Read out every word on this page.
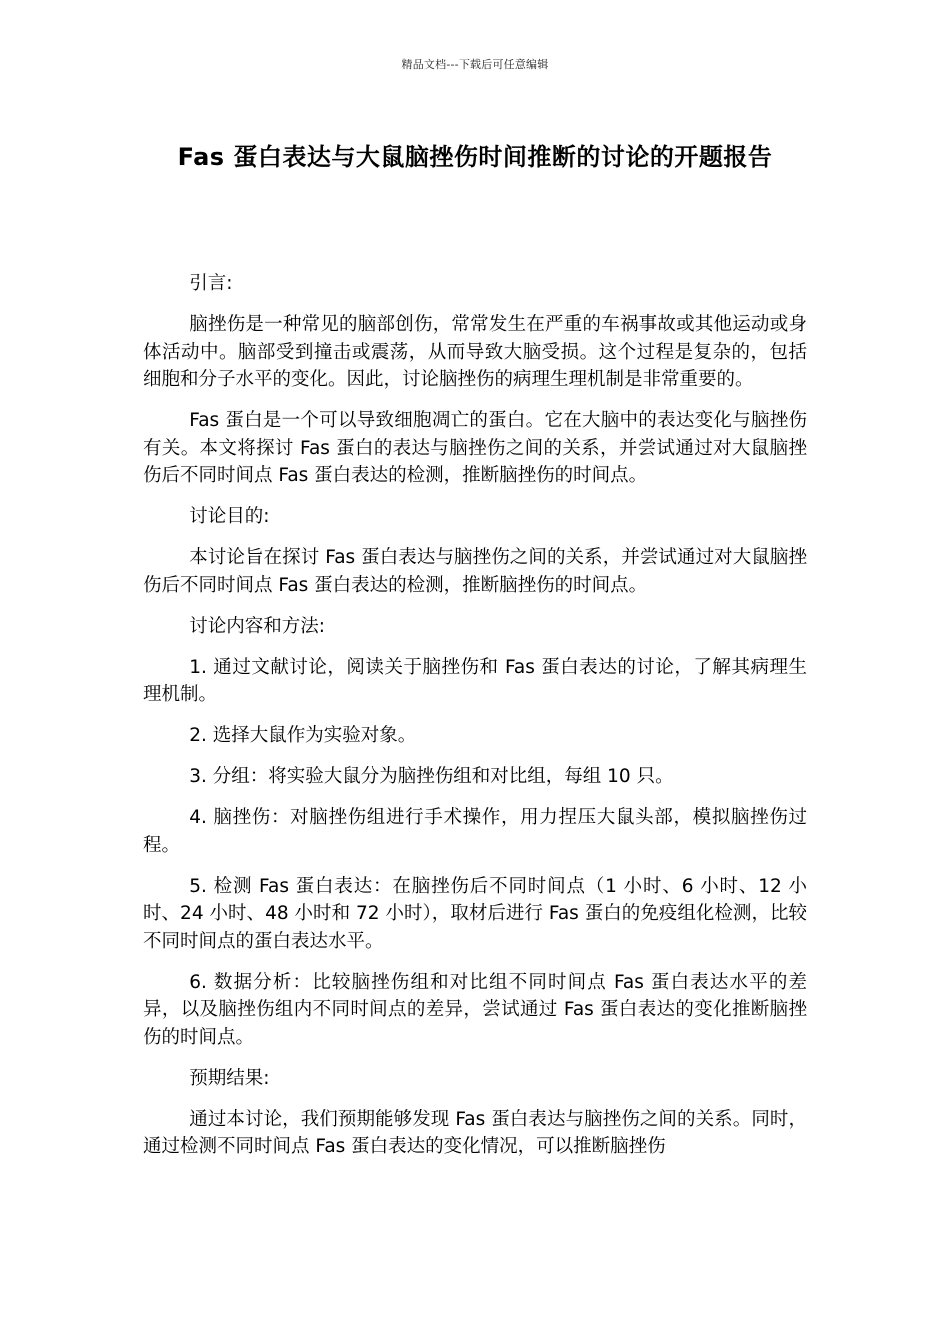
精品文档---下载后可任意编辑
Fas 蛋白表达与大鼠脑挫伤时间推断的讨论的开题报告

引言:

脑挫伤是一种常见的脑部创伤，常常发生在严重的车祸事故或其他运动或身体活动中。脑部受到撞击或震荡，从而导致大脑受损。这个过程是复杂的，包括细胞和分子水平的变化。因此，讨论脑挫伤的病理生理机制是非常重要的。

Fas 蛋白是一个可以导致细胞凋亡的蛋白。它在大脑中的表达变化与脑挫伤有关。本文将探讨 Fas 蛋白的表达与脑挫伤之间的关系，并尝试通过对大鼠脑挫伤后不同时间点 Fas 蛋白表达的检测，推断脑挫伤的时间点。

讨论目的:

本讨论旨在探讨 Fas 蛋白表达与脑挫伤之间的关系，并尝试通过对大鼠脑挫伤后不同时间点 Fas 蛋白表达的检测，推断脑挫伤的时间点。

讨论内容和方法:

1. 通过文献讨论，阅读关于脑挫伤和 Fas 蛋白表达的讨论，了解其病理生理机制。

2. 选择大鼠作为实验对象。

3. 分组：将实验大鼠分为脑挫伤组和对比组，每组 10 只。

4. 脑挫伤：对脑挫伤组进行手术操作，用力捏压大鼠头部，模拟脑挫伤过程。

5. 检测 Fas 蛋白表达：在脑挫伤后不同时间点（1 小时、6 小时、12 小时、24 小时、48 小时和 72 小时），取材后进行 Fas 蛋白的免疫组化检测，比较不同时间点的蛋白表达水平。

6. 数据分析：比较脑挫伤组和对比组不同时间点 Fas 蛋白表达水平的差异，以及脑挫伤组内不同时间点的差异，尝试通过 Fas 蛋白表达的变化推断脑挫伤的时间点。

预期结果:

通过本讨论，我们预期能够发现 Fas 蛋白表达与脑挫伤之间的关系。同时，通过检测不同时间点 Fas 蛋白表达的变化情况，可以推断脑挫伤
